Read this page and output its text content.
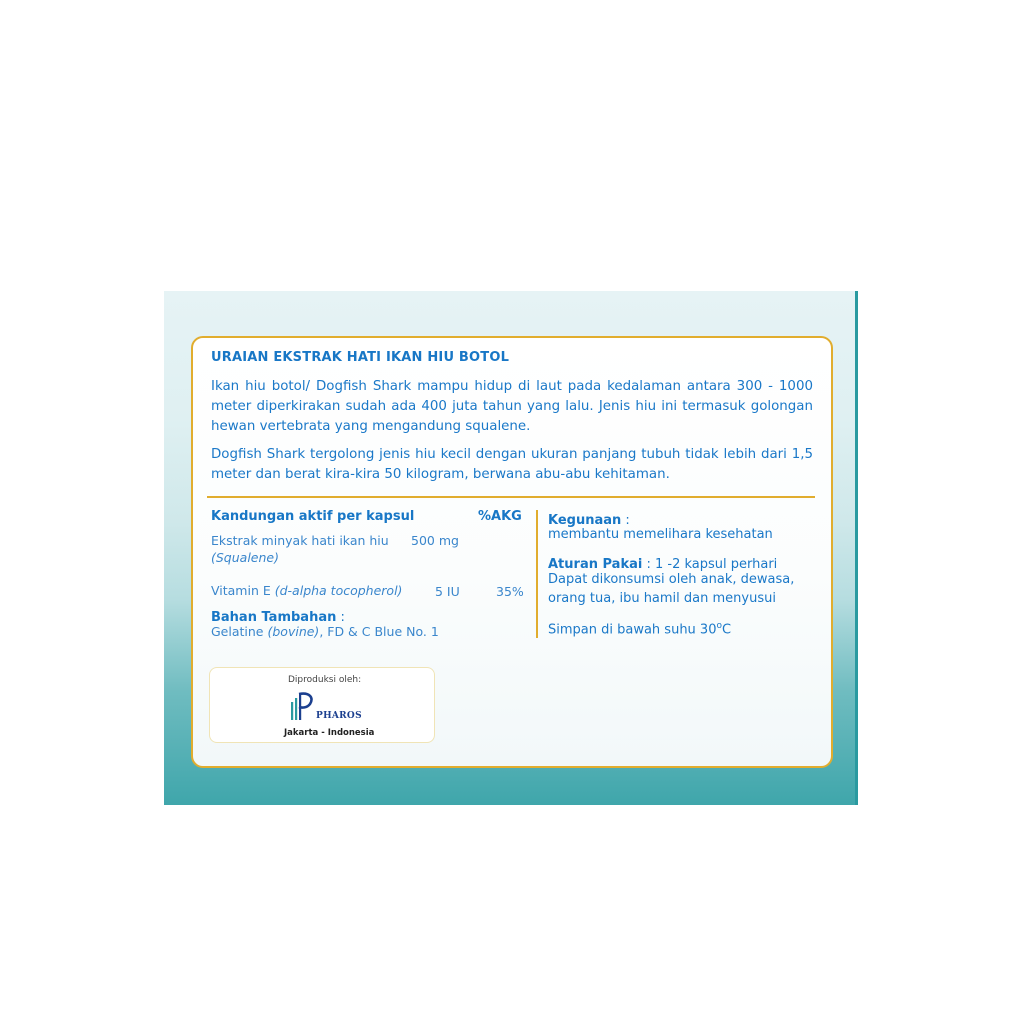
URAIAN EKSTRAK HATI IKAN HIU BOTOL

Ikan hiu botol/ Dogfish Shark mampu hidup di laut pada kedalaman antara 300 - 1000 meter diperkirakan sudah ada 400 juta tahun yang lalu. Jenis hiu ini termasuk golongan hewan vertebrata yang mengandung squalene.

Dogfish Shark tergolong jenis hiu kecil dengan ukuran panjang tubuh tidak lebih dari 1,5 meter dan berat kira-kira 50 kilogram, berwana abu-abu kehitaman.

Kandungan aktif per kapsul	%AKG
Ekstrak minyak hati ikan hiu 500 mg
(Squalene)
Vitamin E (d-alpha tocopherol)	5 IU	35%
Bahan Tambahan :
Gelatine (bovine), FD & C Blue No. 1
Kegunaan :
membantu memelihara kesehatan
Aturan Pakai : 1 -2 kapsul perhari
Dapat dikonsumsi oleh anak, dewasa,
orang tua, ibu hamil dan menyusui
Simpan di bawah suhu 30$^o$C
Diproduksi oleh:
PHAROS
Jakarta - Indonesia
